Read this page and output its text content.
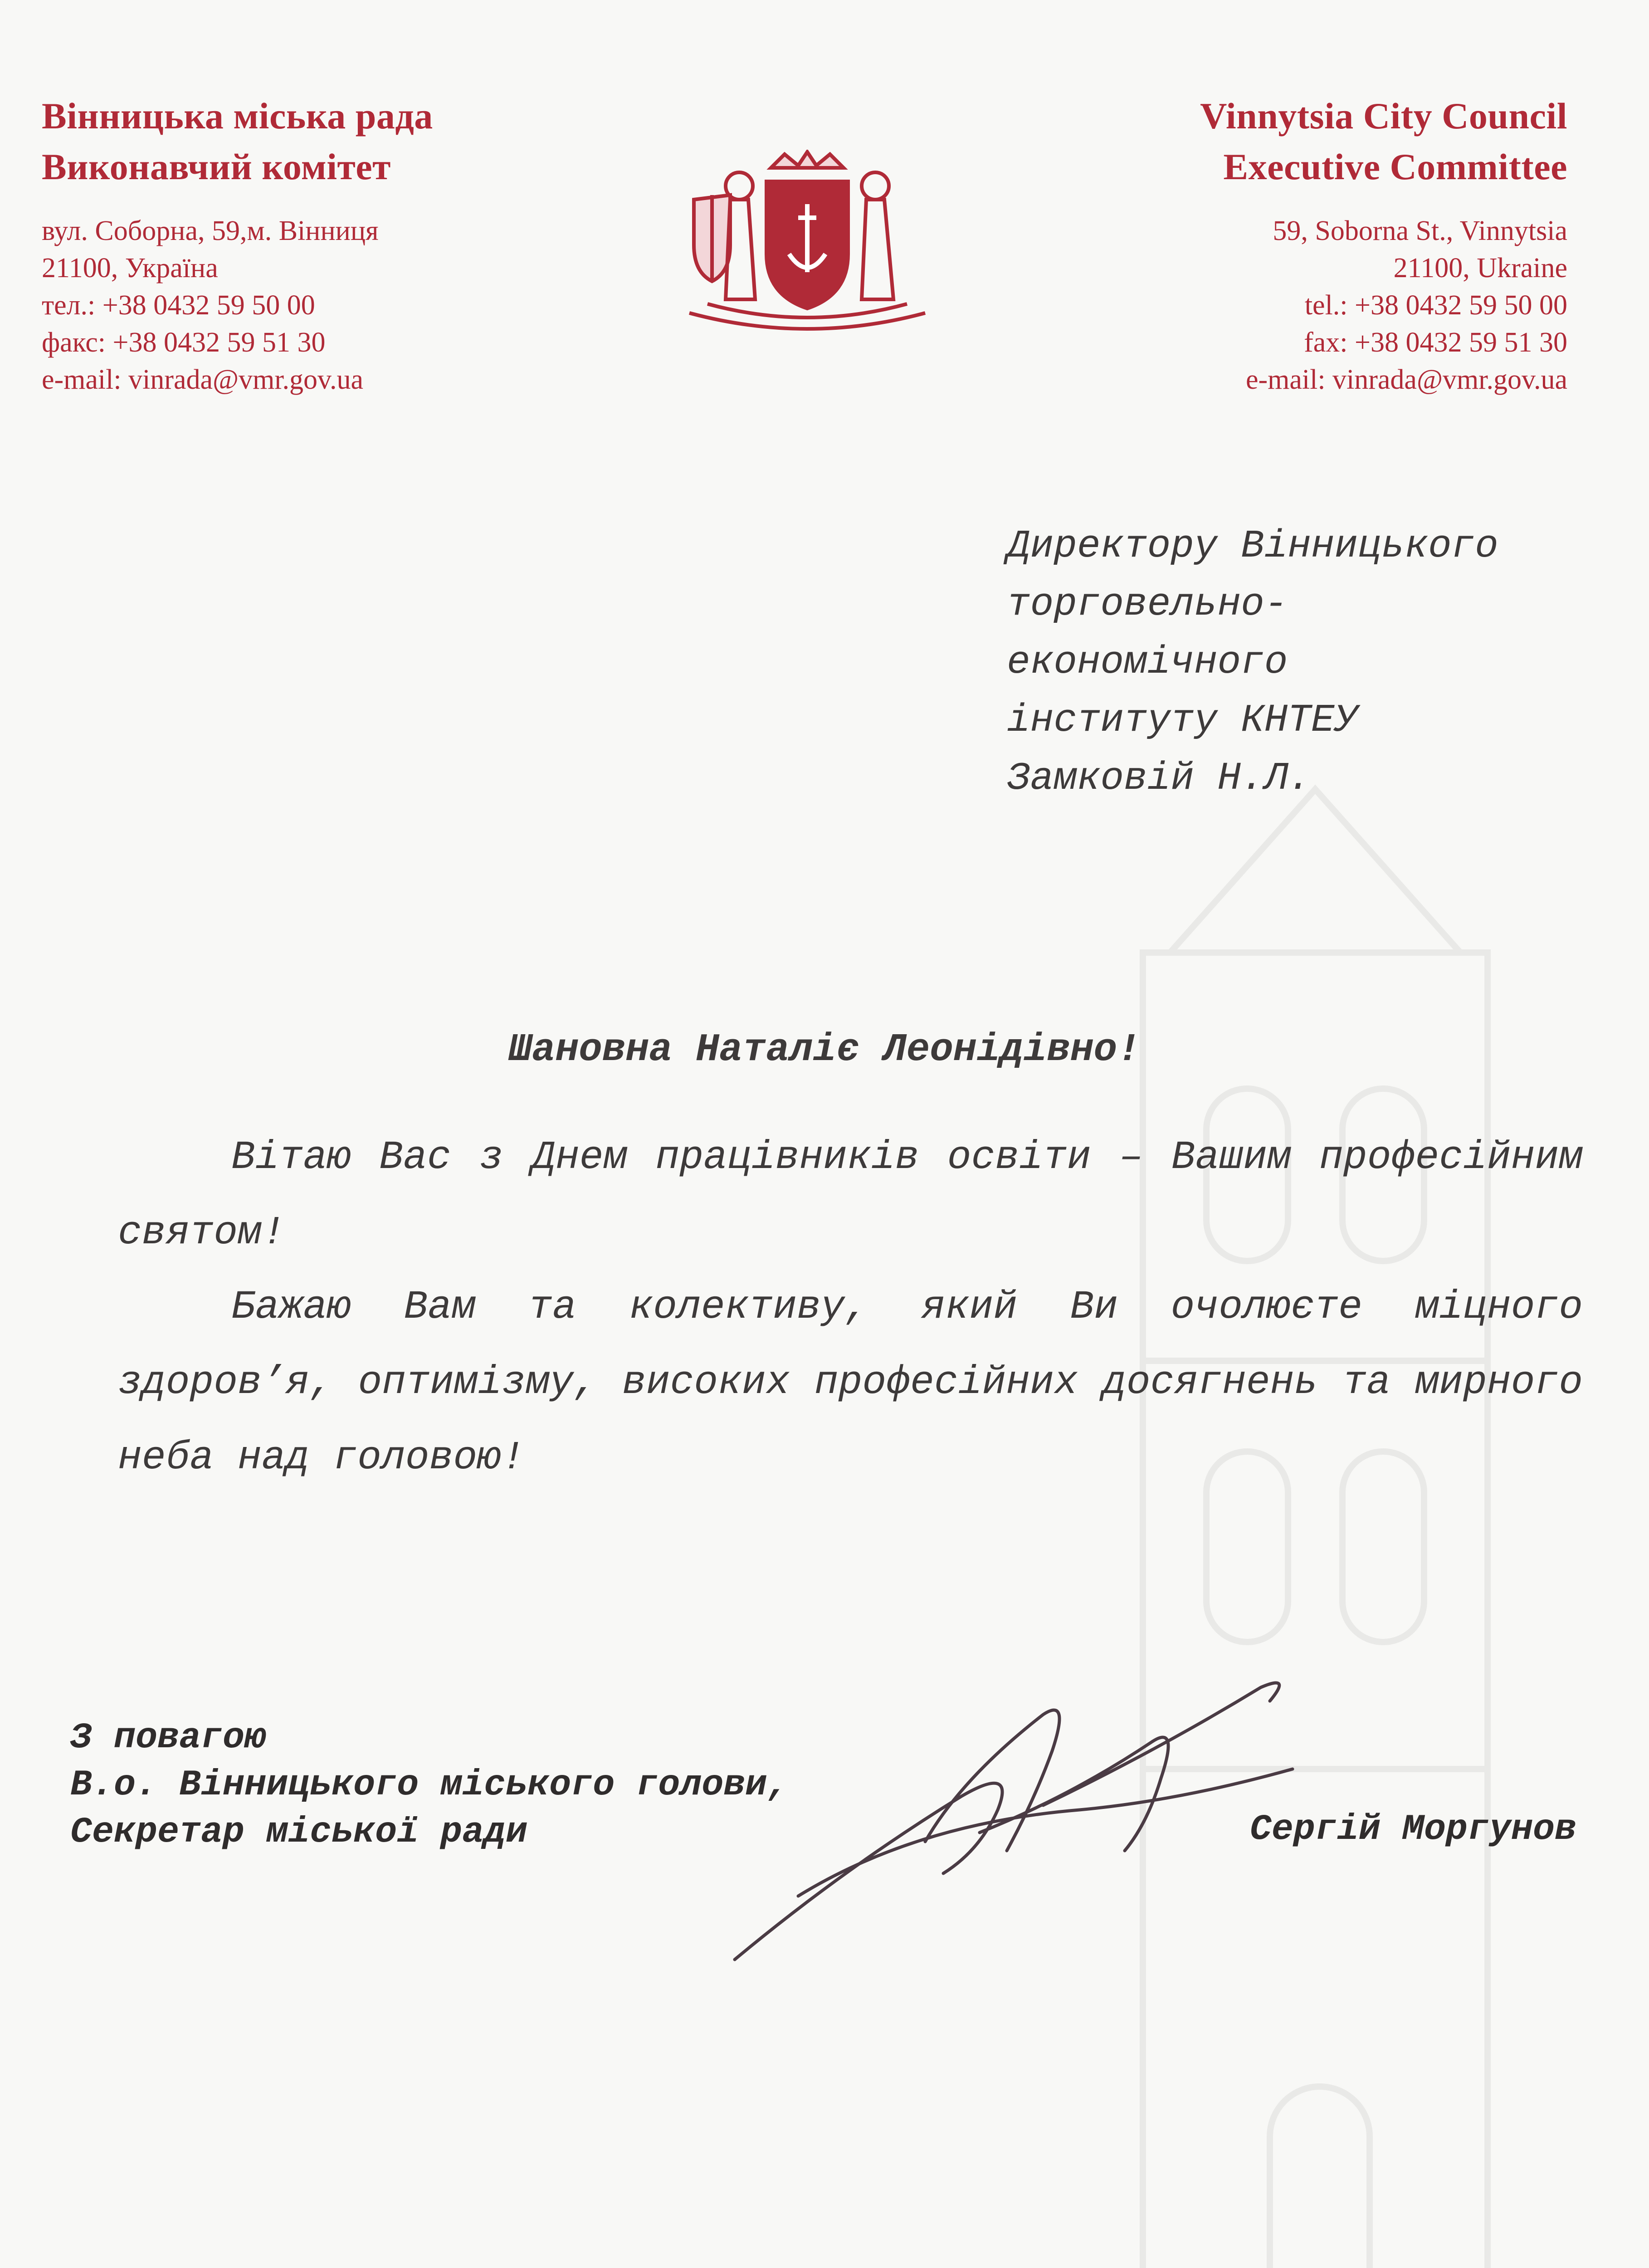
Вінницька міська рада
Виконавчий комітет
вул. Соборна, 59,м. Вінниця
21100, Україна
тел.: +38 0432 59 50 00
факс: +38 0432 59 51 30
e-mail: vinrada@vmr.gov.ua
Vinnytsia City Council
Executive Committee
59, Soborna St., Vinnytsia
21100, Ukraine
tel.: +38 0432 59 50 00
fax: +38 0432 59 51 30
e-mail: vinrada@vmr.gov.ua
Директору Вінницького
торговельно-
економічного
інституту КНТЕУ
Замковій Н.Л.
Шановна Наталіє Леонідівно!
Вітаю Вас з Днем працівників освіти – Вашим професійним святом!
Бажаю Вам та колективу, який Ви очолюєте міцного здоров’я, оптимізму, високих професійних досягнень та мирного неба над головою!
З повагою
В.о. Вінницького міського голови,
Секретар міської ради	Сергій Моргунов
